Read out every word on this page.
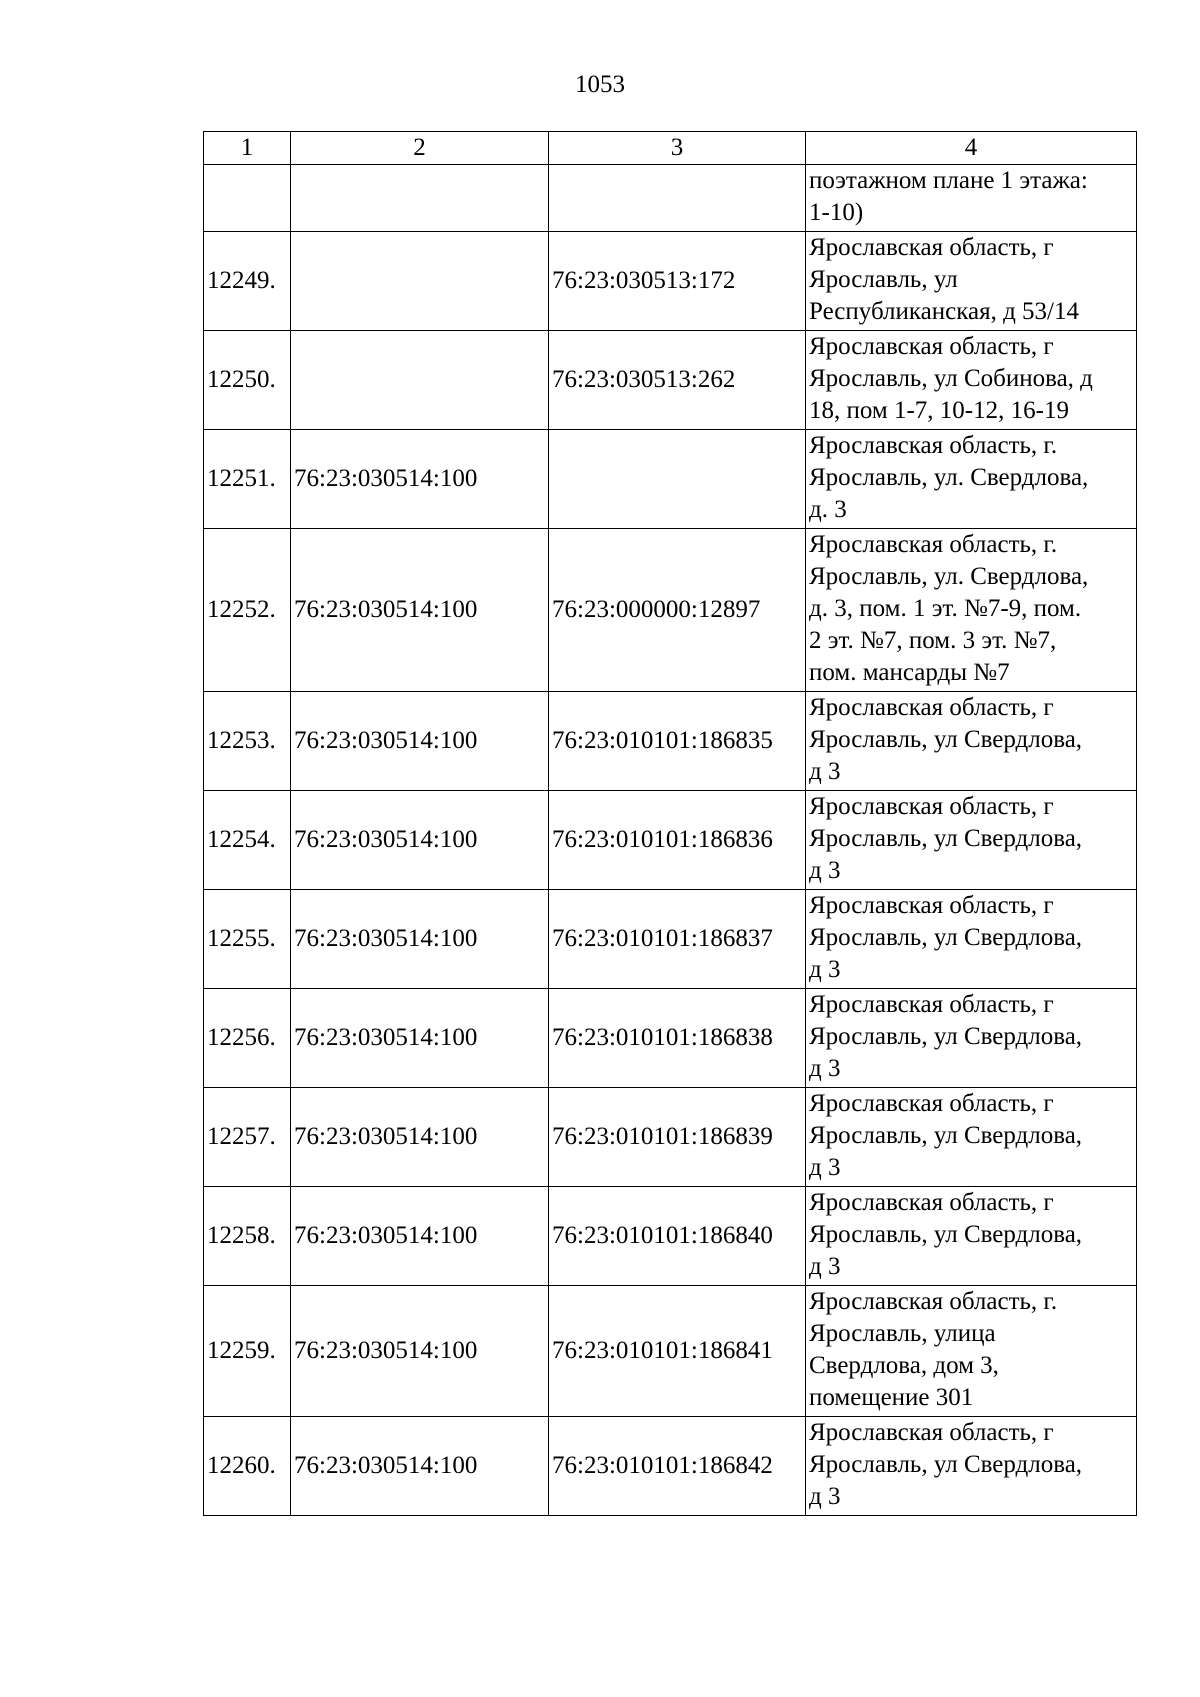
1053
1	2	3	4
			поэтажном плане 1 этажа:
1-10)
12249.		76:23:030513:172	Ярославская область, г
Ярославль, ул
Республиканская, д 53/14
12250.		76:23:030513:262	Ярославская область, г
Ярославль, ул Собинова, д
18, пом 1-7, 10-12, 16-19
12251.	76:23:030514:100		Ярославская область, г.
Ярославль, ул. Свердлова,
д. 3
12252.	76:23:030514:100	76:23:000000:12897	Ярославская область, г.
Ярославль, ул. Свердлова,
д. 3, пом. 1 эт. №7-9, пом.
2 эт. №7, пом. 3 эт. №7,
пом. мансарды №7
12253.	76:23:030514:100	76:23:010101:186835	Ярославская область, г
Ярославль, ул Свердлова,
д 3
12254.	76:23:030514:100	76:23:010101:186836	Ярославская область, г
Ярославль, ул Свердлова,
д 3
12255.	76:23:030514:100	76:23:010101:186837	Ярославская область, г
Ярославль, ул Свердлова,
д 3
12256.	76:23:030514:100	76:23:010101:186838	Ярославская область, г
Ярославль, ул Свердлова,
д 3
12257.	76:23:030514:100	76:23:010101:186839	Ярославская область, г
Ярославль, ул Свердлова,
д 3
12258.	76:23:030514:100	76:23:010101:186840	Ярославская область, г
Ярославль, ул Свердлова,
д 3
12259.	76:23:030514:100	76:23:010101:186841	Ярославская область, г.
Ярославль, улица
Свердлова, дом 3,
помещение 301
12260.	76:23:030514:100	76:23:010101:186842	Ярославская область, г
Ярославль, ул Свердлова,
д 3
